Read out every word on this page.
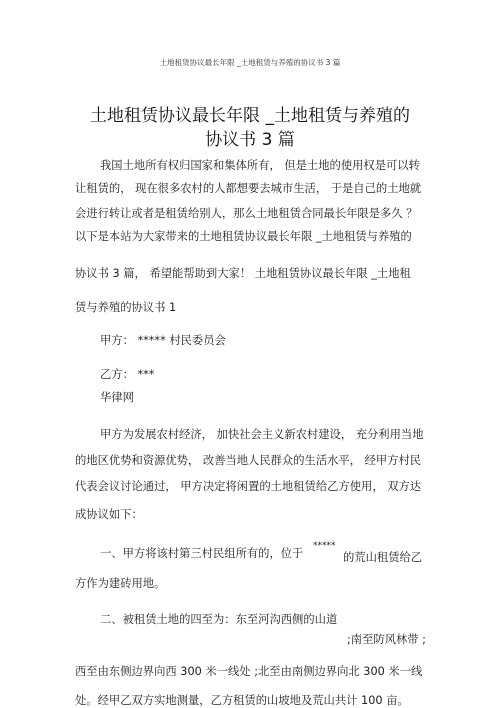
土地租赁协议最长年限 _土地租赁与养殖的协议书 3 篇
土地租赁协议最长年限 _土地租赁与养殖的
协议书 3 篇
我国土地所有权归国家和集体所有， 但是土地的使用权是可以转
让租赁的， 现在很多农村的人都想要去城市生活， 于是自己的土地就
会进行转让或者是租赁给别人，那么土地租赁合同最长年限是多久 ？
以下是本站为大家带来的土地租赁协议最长年限 _土地租赁与养殖的
协议书 3 篇， 希望能帮助到大家！ 土地租赁协议最长年限 _土地租
赁与养殖的协议书 1
甲方： ***** 村民委员会
乙方： ***
华律网
甲方为发展农村经济， 加快社会主义新农村建设， 充分利用当地
的地区优势和资源优势， 改善当地人民群众的生活水平， 经甲方村民
代表会议讨论通过， 甲方决定将闲置的土地租赁给乙方使用， 双方达
成协议如下：
一、甲方将该村第三村民组所有的，位于
*****
的荒山租赁给乙
方作为建砖用地。
二、被租赁土地的四至为：东至河沟西侧的山道
;南至防风林带 ;
西至由东侧边界向西 300 米一线处 ;北至由南侧边界向北 300 米一线
处。经甲乙双方实地测量，乙方租赁的山坡地及荒山共计 100 亩。
